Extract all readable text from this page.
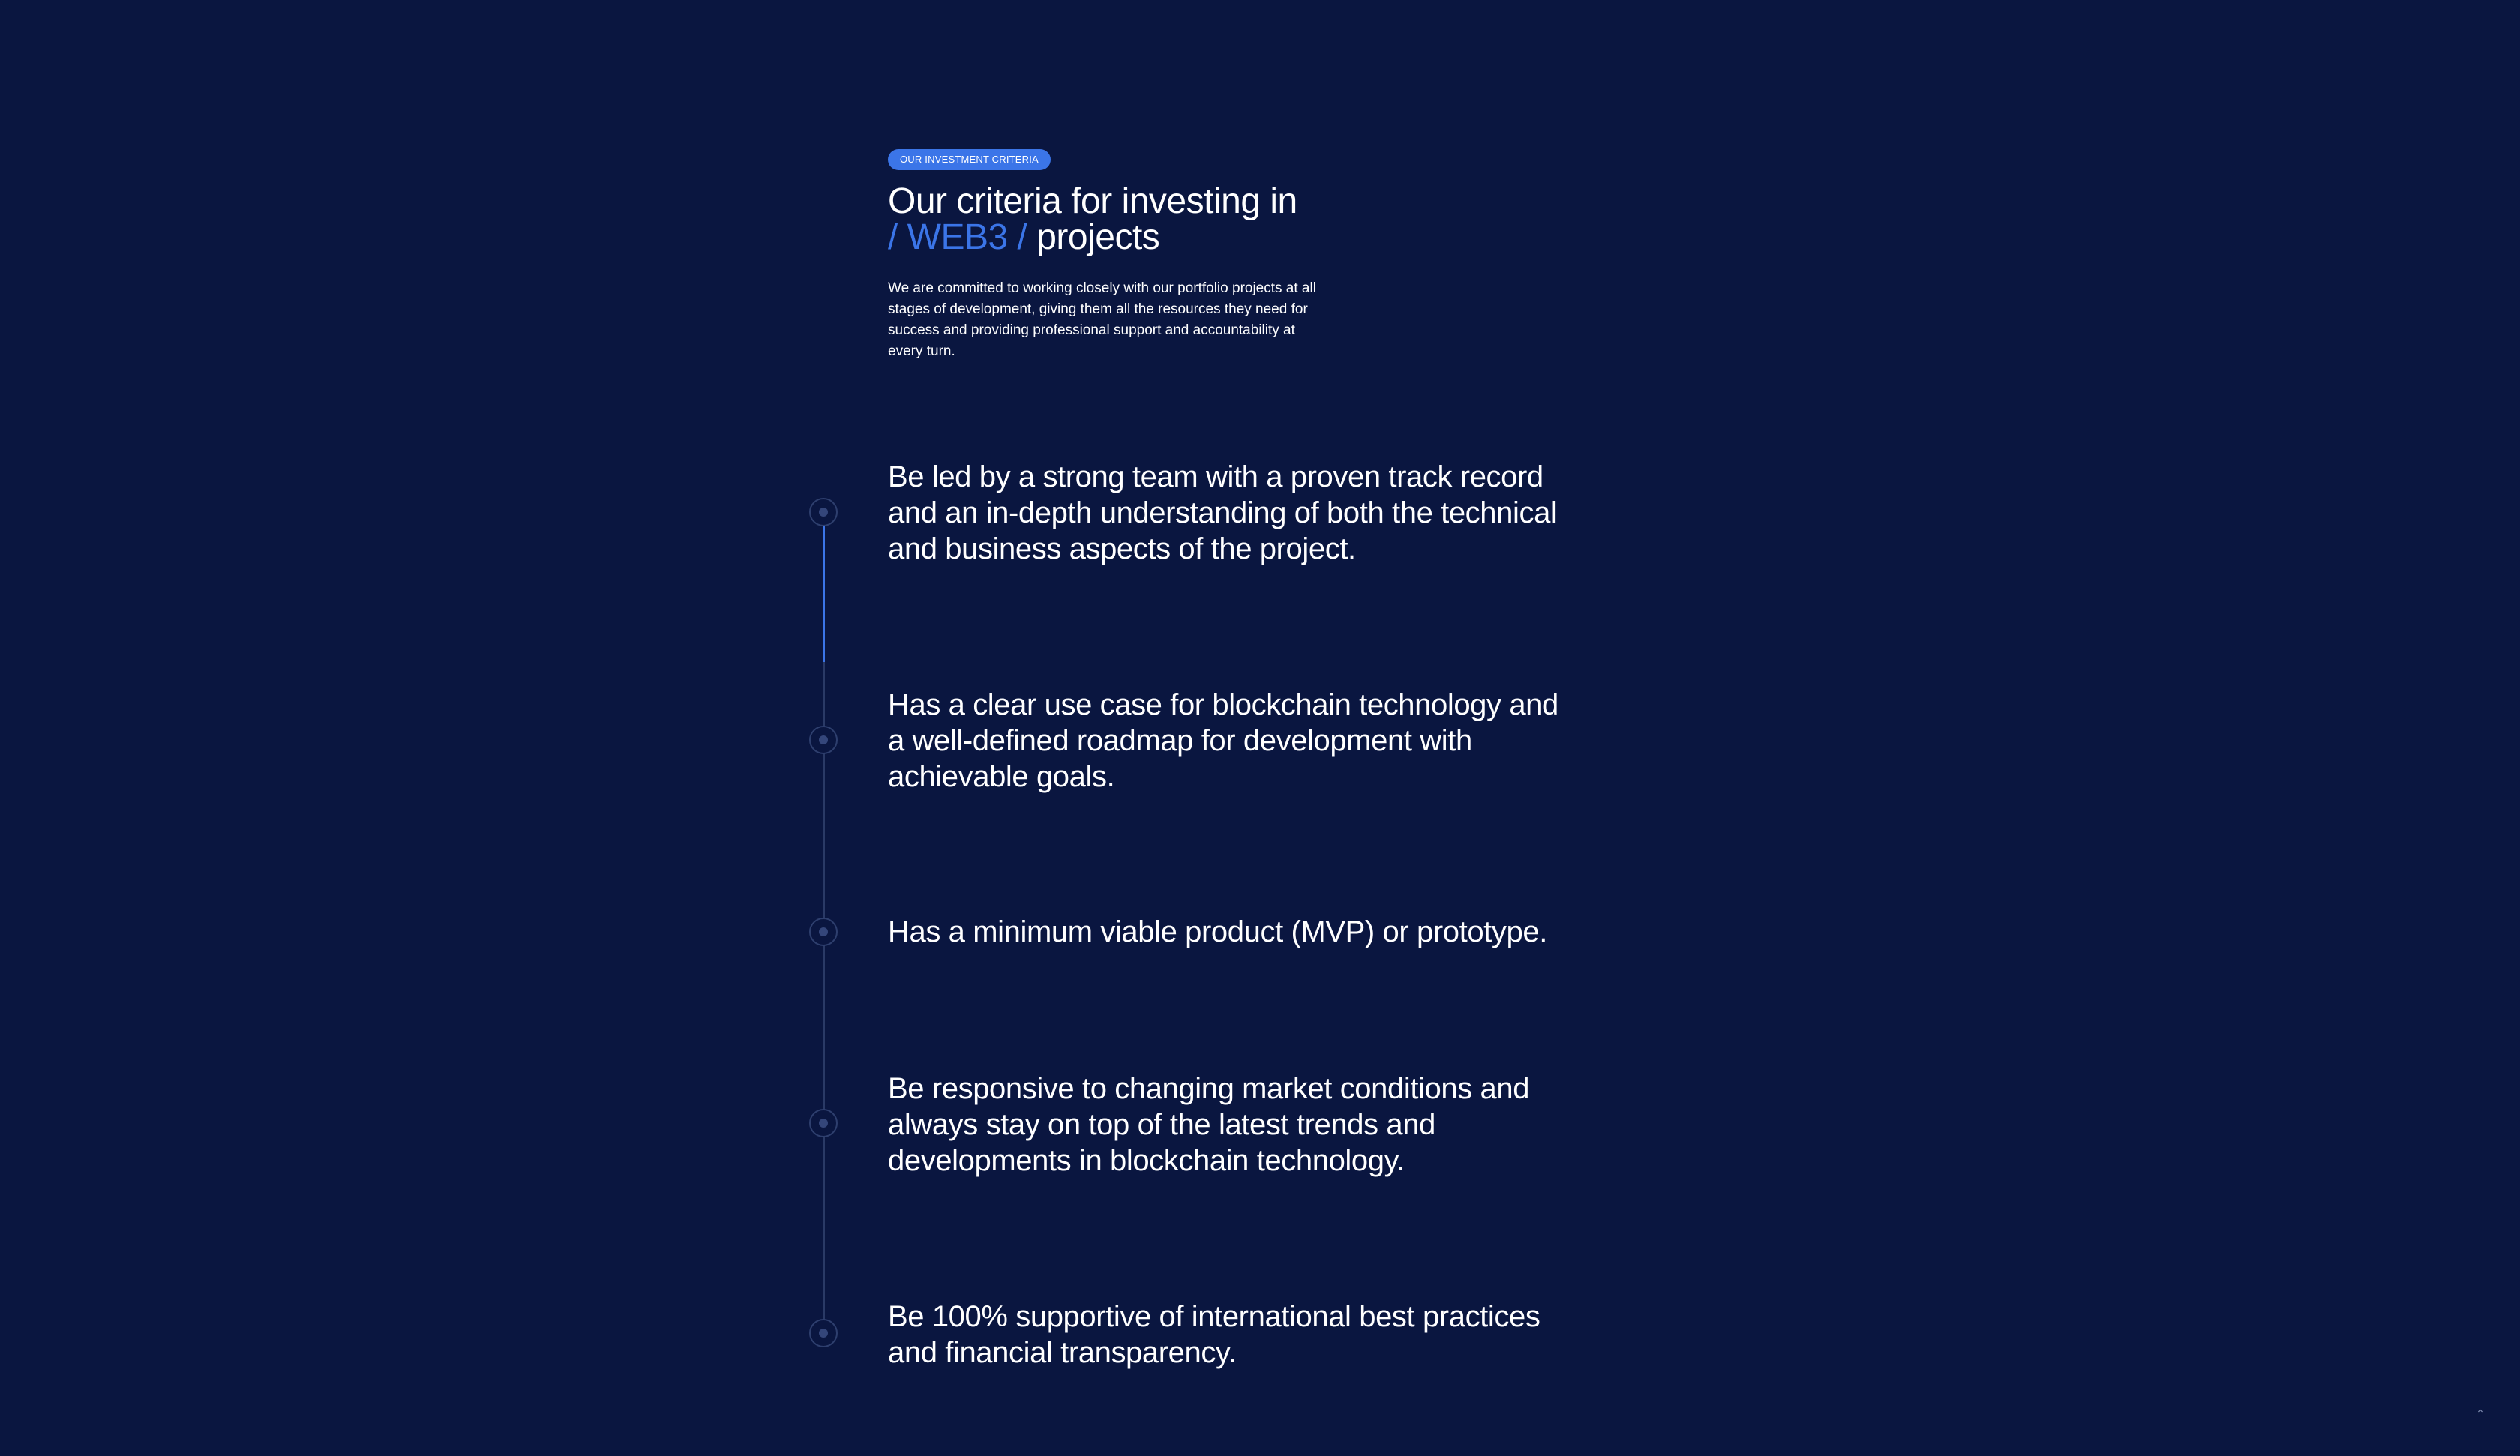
OUR INVESTMENT CRITERIA
Our criteria for investing in
/ WEB3 / projects

We are committed to working closely with our portfolio projects at all stages of development, giving them all the resources they need for success and providing professional support and accountability at every turn.

Be led by a strong team with a proven track record and an in-depth understanding of both the technical and business aspects of the project.

Has a clear use case for blockchain technology and a well-defined roadmap for development with achievable goals.

Has a minimum viable product (MVP) or prototype.

Be responsive to changing market conditions and always stay on top of the latest trends and developments in blockchain technology.

Be 100% supportive of international best practices and financial transparency.

⌃
